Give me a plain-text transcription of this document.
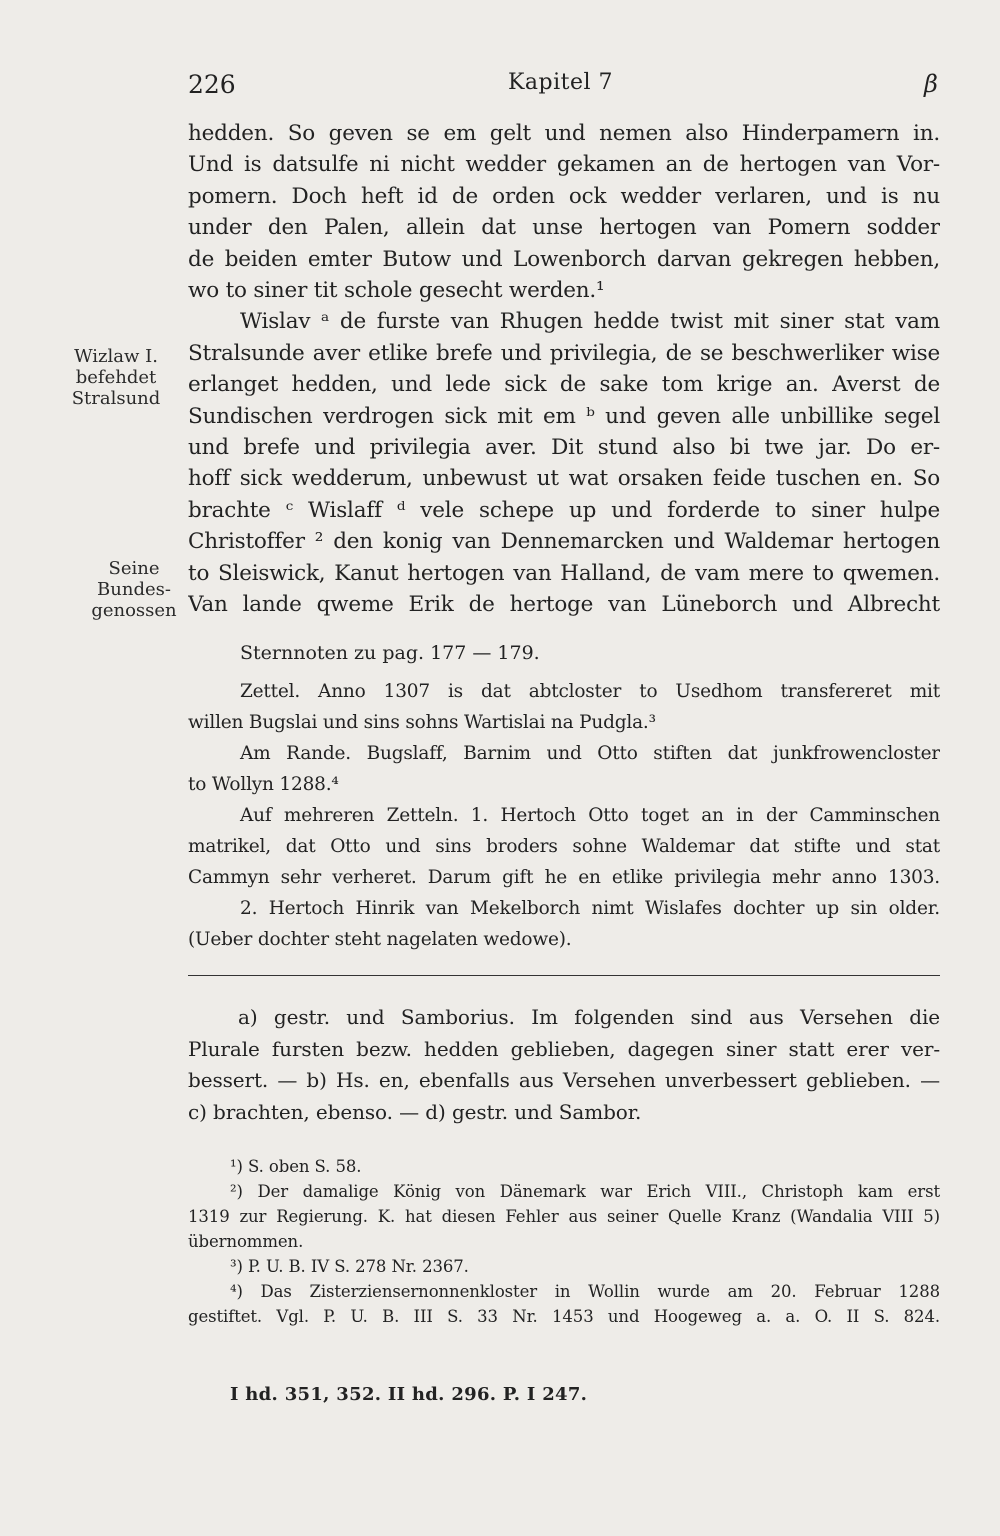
226	Kapitel 7	β
Wizlaw I.
befehdet
Stralsund
Seine
Bundes-
genossen
hedden. So geven se em gelt und nemen also Hinderpamern in.
Und is datsulfe ni nicht wedder gekamen an de hertogen van Vor-
pomern. Doch heft id de orden ock wedder verlaren, und is nu
under den Palen, allein dat unse hertogen van Pomern sodder
de beiden emter Butow und Lowenborch darvan gekregen hebben,
wo to siner tit schole gesecht werden.¹
Wislav ᵃ de furste van Rhugen hedde twist mit siner stat vam
Stralsunde aver etlike brefe und privilegia, de se beschwerliker wise
erlanget hedden, und lede sick de sake tom krige an. Averst de
Sundischen verdrogen sick mit em ᵇ und geven alle unbillike segel
und brefe und privilegia aver. Dit stund also bi twe jar. Do er-
hoff sick wedderum, unbewust ut wat orsaken feide tuschen en. So
brachte ᶜ Wislaff ᵈ vele schepe up und forderde to siner hulpe
Christoffer ² den konig van Dennemarcken und Waldemar hertogen
to Sleiswick, Kanut hertogen van Halland, de vam mere to qwemen.
Van lande qweme Erik de hertoge van Lüneborch und Albrecht
Sternnoten zu pag. 177 — 179.
Zettel. Anno 1307 is dat abtcloster to Usedhom transfereret mit
willen Bugslai und sins sohns Wartislai na Pudgla.³
Am Rande. Bugslaff, Barnim und Otto stiften dat junkfrowencloster
to Wollyn 1288.⁴
Auf mehreren Zetteln. 1. Hertoch Otto toget an in der Camminschen
matrikel, dat Otto und sins broders sohne Waldemar dat stifte und stat
Cammyn sehr verheret. Darum gift he en etlike privilegia mehr anno 1303.
2. Hertoch Hinrik van Mekelborch nimt Wislafes dochter up sin older.
(Ueber dochter steht nagelaten wedowe).
a) gestr. und Samborius. Im folgenden sind aus Versehen die
Plurale fursten bezw. hedden geblieben, dagegen siner statt erer ver-
bessert. — b) Hs. en, ebenfalls aus Versehen unverbessert geblieben. —
c) brachten, ebenso. — d) gestr. und Sambor.
¹) S. oben S. 58.
²) Der damalige König von Dänemark war Erich VIII., Christoph kam erst
1319 zur Regierung. K. hat diesen Fehler aus seiner Quelle Kranz (Wandalia VIII 5)
übernommen.
³) P. U. B. IV S. 278 Nr. 2367.
⁴) Das Zisterziensernonnenkloster in Wollin wurde am 20. Februar 1288
gestiftet. Vgl. P. U. B. III S. 33 Nr. 1453 und Hoogeweg a. a. O. II S. 824.
I hd. 351, 352. II hd. 296. P. I 247.
